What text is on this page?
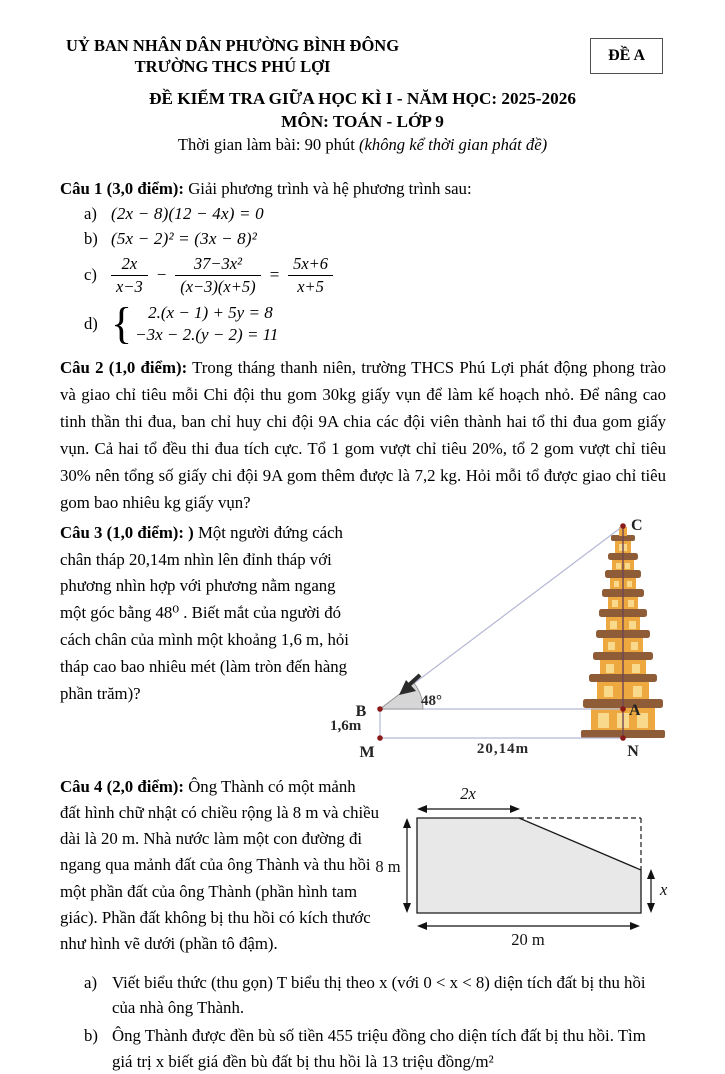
UỶ BAN NHÂN DÂN PHƯỜNG BÌNH ĐÔNG
TRƯỜNG THCS PHÚ LỢI
ĐỀ A
ĐỀ KIỂM TRA GIỮA HỌC KÌ I - NĂM HỌC: 2025-2026
MÔN: TOÁN - LỚP 9
Thời gian làm bài: 90 phút (không kể thời gian phát đề)

Câu 1 (3,0 điểm): Giải phương trình và hệ phương trình sau:

a) (2x − 8)(12 − 4x) = 0
b) (5x − 2)² = (3x − 8)²
$c) \frac{2x}{x-3} - \frac{\text{37−3x²}}{(x-3)(x+5)} = \frac{5x+6}{x+5}$
d) { 2.(x − 1) + 5y = 8
−3x − 2.(y − 2) = 11

Câu 2 (1,0 điểm): Trong tháng thanh niên, trường THCS Phú Lợi phát động phong trào và giao chỉ tiêu mỗi Chi đội thu gom 30kg giấy vụn để làm kế hoạch nhỏ. Để nâng cao tinh thần thi đua, ban chỉ huy chi đội 9A chia các đội viên thành hai tổ thi đua gom giấy vụn. Cả hai tổ đều thi đua tích cực. Tổ 1 gom vượt chỉ tiêu 20%, tổ 2 gom vượt chỉ tiêu 30% nên tổng số giấy chi đội 9A gom thêm được là 7,2 kg. Hỏi mỗi tổ được giao chỉ tiêu gom bao nhiêu kg giấy vụn?

Câu 3 (1,0 điểm): ) Một người đứng cách chân tháp 20,14m nhìn lên đỉnh tháp với phương nhìn hợp với phương nằm ngang một góc bằng 48⁰ . Biết mắt của người đó cách chân của mình một khoảng 1,6 m, hỏi tháp cao bao nhiêu mét (làm tròn đến hàng phần trăm)?
C
B
M	N
A
48°
1,6m
20,14m
Câu 4 (2,0 điểm): Ông Thành có một mảnh đất hình chữ nhật có chiều rộng là 8 m và chiều dài là 20 m. Nhà nước làm một con đường đi ngang qua mảnh đất của ông Thành và thu hồi một phần đất của ông Thành (phần hình tam giác). Phần đất không bị thu hồi có kích thước như hình vẽ dưới (phần tô đậm).
2x
8 m
x
20 m
a) Viết biểu thức (thu gọn) T biểu thị theo x (với 0 < x < 8) diện tích đất bị thu hồi của nhà ông Thành.
b) Ông Thành được đền bù số tiền 455 triệu đồng cho diện tích đất bị thu hồi. Tìm giá trị x biết giá đền bù đất bị thu hồi là 13 triệu đồng/m²
